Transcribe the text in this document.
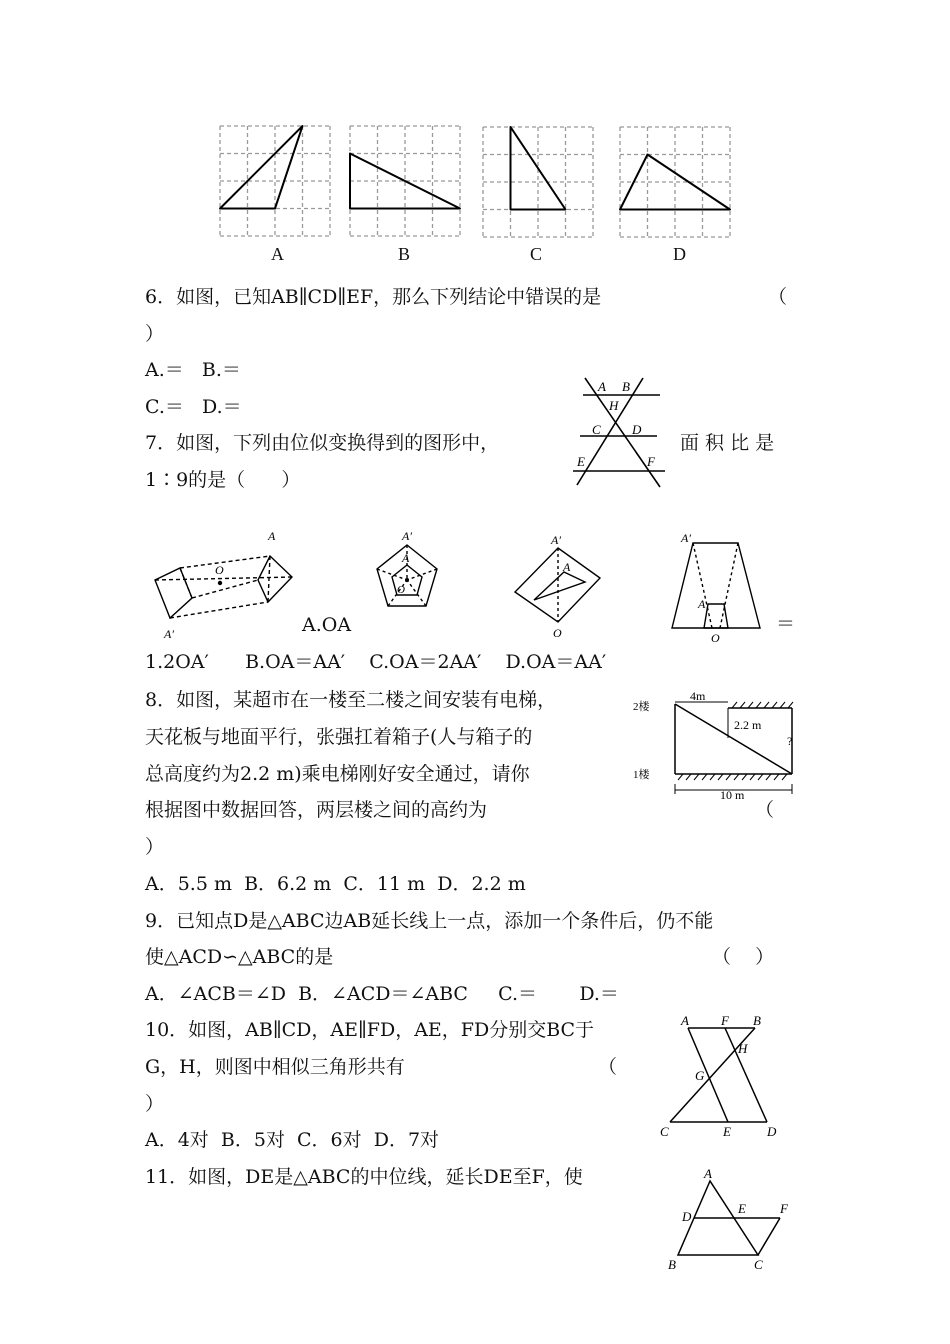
A	B	C	D
6．如图，已知AB∥CD∥EF，那么下列结论中错误的是	（
）
A.＝   B.＝
C.＝   D.＝
A B
H
C D
E	F
7．如图，下列由位似变换得到的图形中，	面 积 比 是
1∶9的是（      ）
A
O
A′
A′
A
O
A′
A
O
A′
A
O
A.OA	＝
1.2OA′      B.OA＝AA′    C.OA＝2AA′    D.OA＝AA′
8．如图，某超市在一楼至二楼之间安装有电梯，
天花板与地面平行，张强扛着箱子(人与箱子的
总高度约为2.2 m)乘电梯刚好安全通过，请你
根据图中数据回答，两层楼之间的高约为	（
）
A．5.5 m  B．6.2 m  C．11 m  D．2.2 m
2楼
1楼
4m
2.2 m
?
10 m
9．已知点D是△ABC边AB延长线上一点，添加一个条件后，仍不能
使△ACD∽△ABC的是	（    ）
A．∠ACB＝∠D  B．∠ACD＝∠ABC     C.＝       D.＝
10．如图，AB∥CD，AE∥FD，AE，FD分别交BC于
G，H，则图中相似三角形共有	（
）
A．4对  B．5对  C．6对  D．7对
A F B
H
G
C	E	D
11．如图，DE是△ABC的中位线，延长DE至F，使	A
D
E	F
B	C
